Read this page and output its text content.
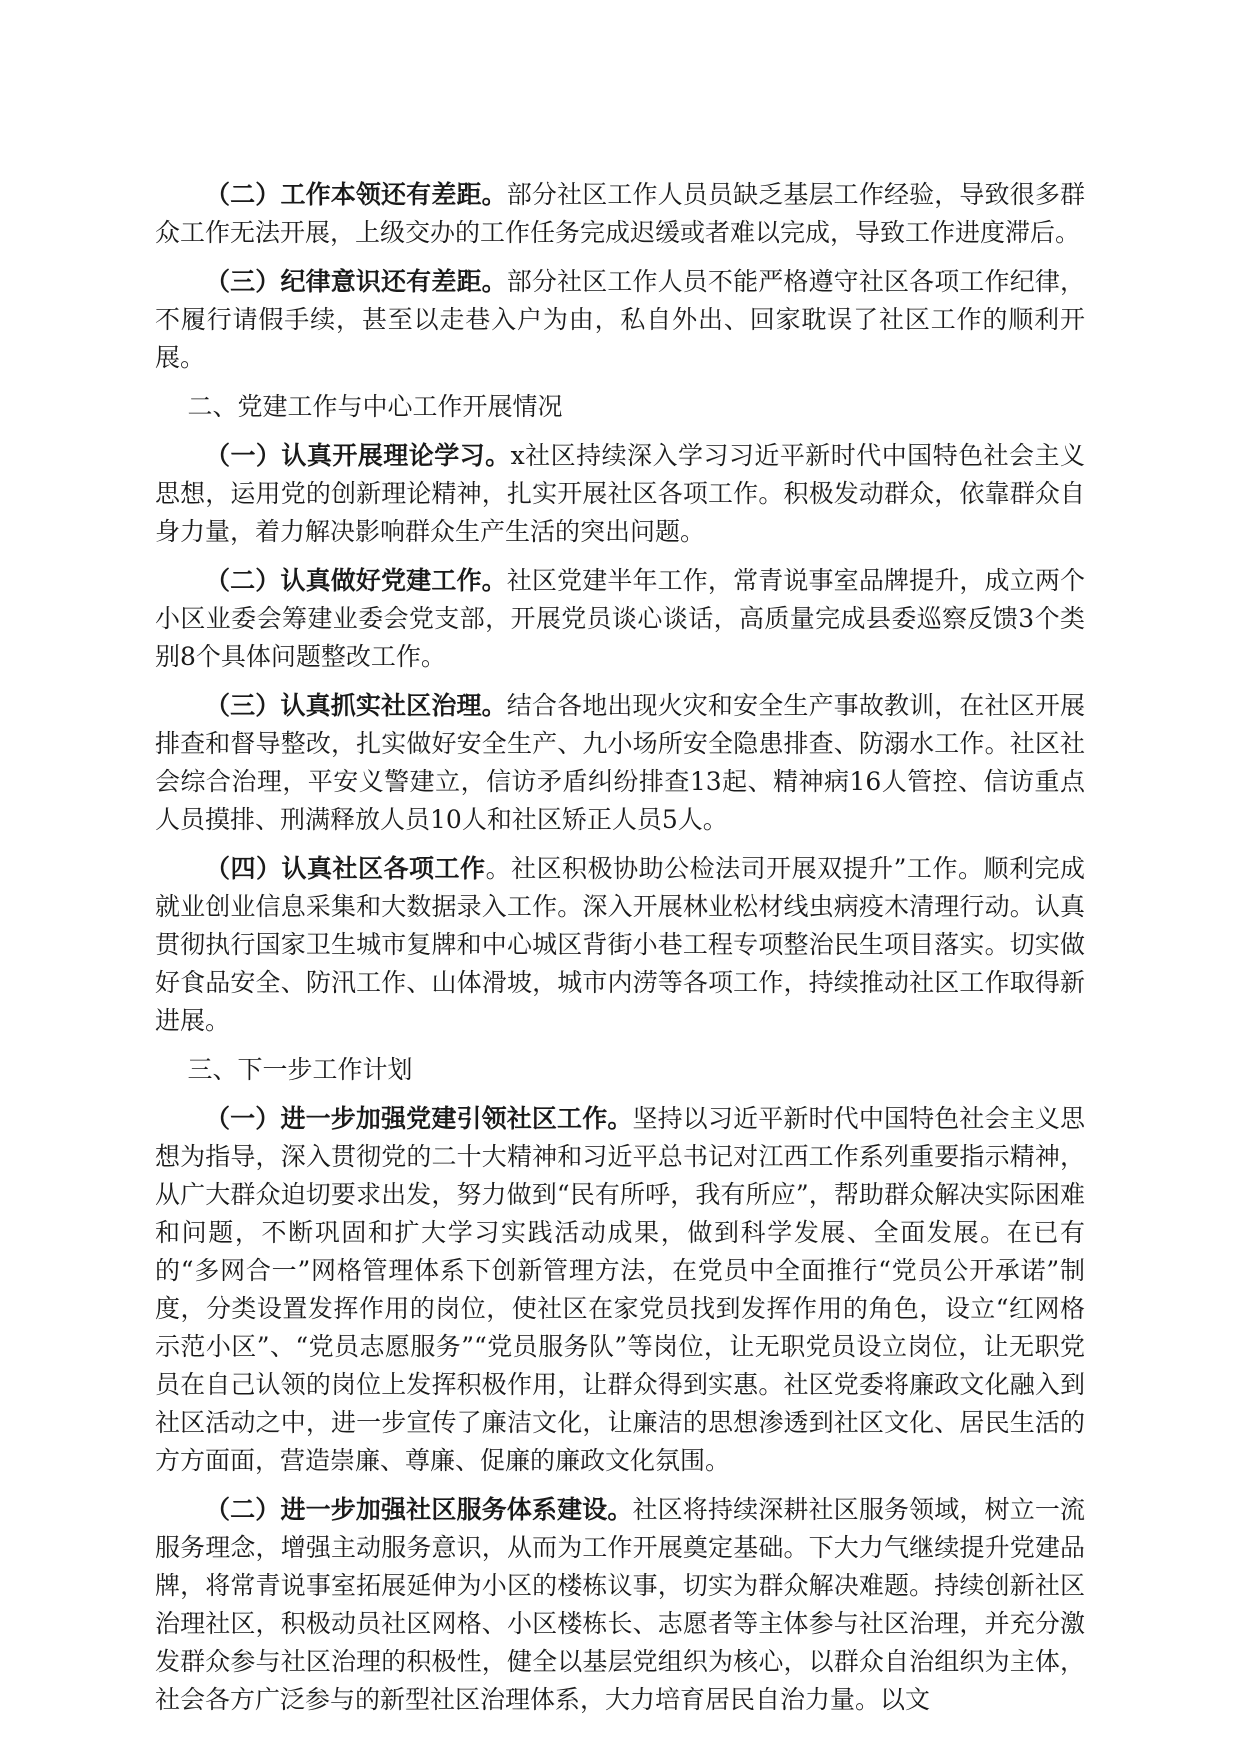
（二）工作本领还有差距。部分社区工作人员员缺乏基层工作经验，导致很多群众工作无法开展，上级交办的工作任务完成迟缓或者难以完成，导致工作进度滞后。

（三）纪律意识还有差距。部分社区工作人员不能严格遵守社区各项工作纪律，不履行请假手续，甚至以走巷入户为由，私自外出、回家耽误了社区工作的顺利开展。

二、党建工作与中心工作开展情况

（一）认真开展理论学习。x社区持续深入学习习近平新时代中国特色社会主义思想，运用党的创新理论精神，扎实开展社区各项工作。积极发动群众，依靠群众自身力量，着力解决影响群众生产生活的突出问题。

（二）认真做好党建工作。社区党建半年工作，常青说事室品牌提升，成立两个小区业委会筹建业委会党支部，开展党员谈心谈话，高质量完成县委巡察反馈3个类别8个具体问题整改工作。

（三）认真抓实社区治理。结合各地出现火灾和安全生产事故教训，在社区开展排查和督导整改，扎实做好安全生产、九小场所安全隐患排查、防溺水工作。社区社会综合治理，平安义警建立，信访矛盾纠纷排查13起、精神病16人管控、信访重点人员摸排、刑满释放人员10人和社区矫正人员5人。

（四）认真社区各项工作。社区积极协助公检法司开展双提升”工作。顺利完成就业创业信息采集和大数据录入工作。深入开展林业松材线虫病疫木清理行动。认真贯彻执行国家卫生城市复牌和中心城区背街小巷工程专项整治民生项目落实。切实做好食品安全、防汛工作、山体滑坡，城市内涝等各项工作，持续推动社区工作取得新进展。

三、下一步工作计划

（一）进一步加强党建引领社区工作。坚持以习近平新时代中国特色社会主义思想为指导，深入贯彻党的二十大精神和习近平总书记对江西工作系列重要指示精神，从广大群众迫切要求出发，努力做到“民有所呼，我有所应”，帮助群众解决实际困难和问题，不断巩固和扩大学习实践活动成果，做到科学发展、全面发展。在已有的“多网合一”网格管理体系下创新管理方法，在党员中全面推行“党员公开承诺”制度，分类设置发挥作用的岗位，使社区在家党员找到发挥作用的角色，设立“红网格示范小区”、“党员志愿服务”“党员服务队”等岗位，让无职党员设立岗位，让无职党员在自己认领的岗位上发挥积极作用，让群众得到实惠。社区党委将廉政文化融入到社区活动之中，进一步宣传了廉洁文化，让廉洁的思想渗透到社区文化、居民生活的方方面面，营造崇廉、尊廉、促廉的廉政文化氛围。

（二）进一步加强社区服务体系建设。社区将持续深耕社区服务领域，树立一流服务理念，增强主动服务意识，从而为工作开展奠定基础。下大力气继续提升党建品牌，将常青说事室拓展延伸为小区的楼栋议事，切实为群众解决难题。持续创新社区治理社区，积极动员社区网格、小区楼栋长、志愿者等主体参与社区治理，并充分激发群众参与社区治理的积极性，健全以基层党组织为核心，以群众自治组织为主体，社会各方广泛参与的新型社区治理体系，大力培育居民自治力量。以文
